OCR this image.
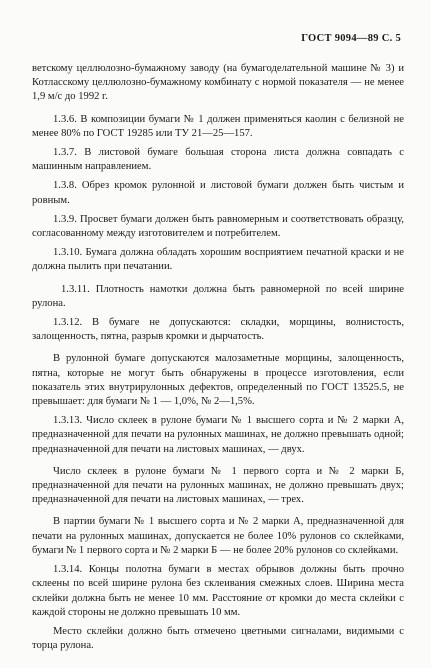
ГОСТ 9094—89 С. 5

ветскому целлюлозно-бумажному заводу (на бумагоделательной машине № 3) и Котласскому целлюлозно-бумажному комбинату с нормой показателя — не менее 1,9 м/с до 1992 г.

1.3.6. В композиции бумаги № 1 должен применяться каолин с белизной не менее 80% по ГОСТ 19285 или ТУ 21—25—157.

1.3.7. В листовой бумаге большая сторона листа должна совпадать с машинным направлением.

1.3.8. Обрез кромок рулонной и листовой бумаги должен быть чистым и ровным.

1.3.9. Просвет бумаги должен быть равномерным и соответствовать образцу, согласованному между изготовителем и потребителем.

1.3.10. Бумага должна обладать хорошим восприятием печатной краски и не должна пылить при печатании.

1.3.11. Плотность намотки должна быть равномерной по всей ширине рулона.

1.3.12. В бумаге не допускаются: складки, морщины, волнистость, залощенность, пятна, разрыв кромки и дырчатость.

В рулонной бумаге допускаются малозаметные морщины, залощенность, пятна, которые не могут быть обнаружены в процессе изготовления, если показатель этих внутрирулонных дефектов, определенный по ГОСТ 13525.5, не превышает: для бумаги № 1 — 1,0%, № 2—1,5%.

1.3.13. Число склеек в рулоне бумаги № 1 высшего сорта и № 2 марки А, предназначенной для печати на рулонных машинах, не должно превышать одной; предназначенной для печати на листовых машинах, — двух.

Число склеек в рулоне бумаги № 1 первого сорта и № 2 марки Б, предназначенной для печати на рулонных машинах, не должно превышать двух; предназначенной для печати на листовых машинах, — трех.

В партии бумаги № 1 высшего сорта и № 2 марки А, предназначенной для печати на рулонных машинах, допускается не более 10% рулонов со склейками, бумаги № 1 первого сорта и № 2 марки Б — не более 20% рулонов со склейками.

1.3.14. Концы полотна бумаги в местах обрывов должны быть прочно склеены по всей ширине рулона без склеивания смежных слоев. Ширина места склейки должна быть не менее 10 мм. Расстояние от кромки до места склейки с каждой стороны не должно превышать 10 мм.

Место склейки должно быть отмечено цветными сигналами, видимыми с торца рулона.
